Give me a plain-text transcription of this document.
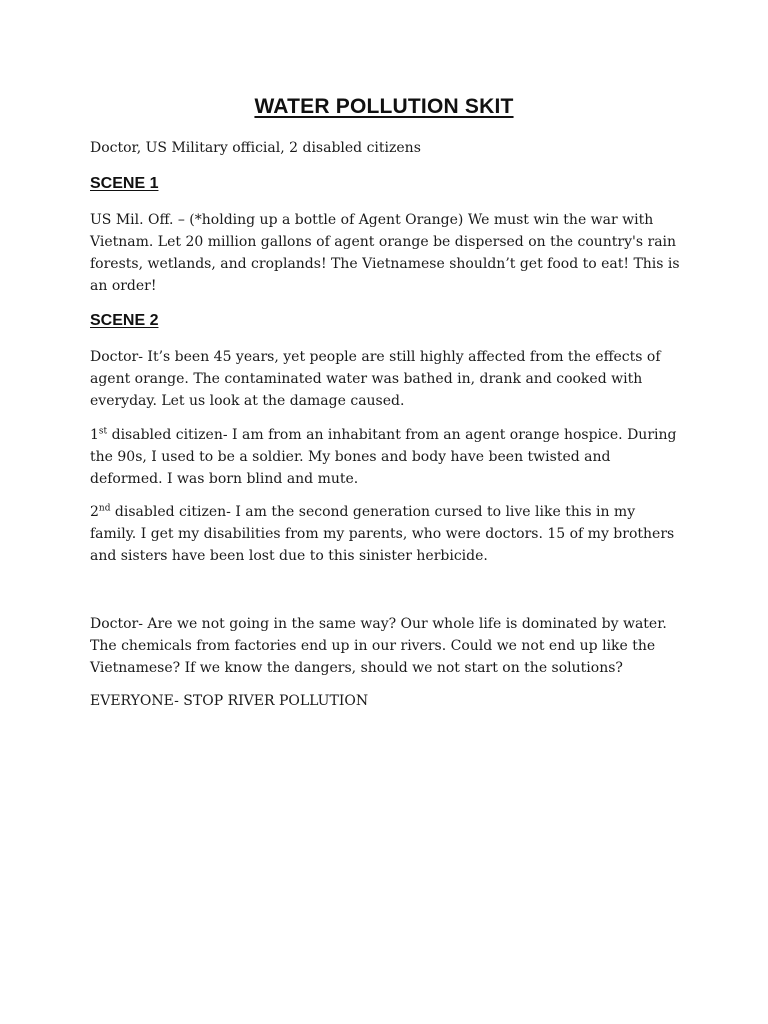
WATER POLLUTION SKIT

Doctor, US Military official, 2 disabled citizens

SCENE 1

US Mil. Off. – (*holding up a bottle of Agent Orange) We must win the war with Vietnam. Let 20 million gallons of agent orange be dispersed on the country's rain forests, wetlands, and croplands! The Vietnamese shouldn’t get food to eat! This is an order!

SCENE 2

Doctor- It’s been 45 years, yet people are still highly affected from the effects of agent orange. The contaminated water was bathed in, drank and cooked with everyday. Let us look at the damage caused.

1st disabled citizen- I am from an inhabitant from an agent orange hospice. During the 90s, I used to be a soldier. My bones and body have been twisted and deformed. I was born blind and mute.

2nd disabled citizen- I am the second generation cursed to live like this in my family. I get my disabilities from my parents, who were doctors. 15 of my brothers and sisters have been lost due to this sinister herbicide.

Doctor- Are we not going in the same way? Our whole life is dominated by water. The chemicals from factories end up in our rivers. Could we not end up like the Vietnamese? If we know the dangers, should we not start on the solutions?

EVERYONE- STOP RIVER POLLUTION
